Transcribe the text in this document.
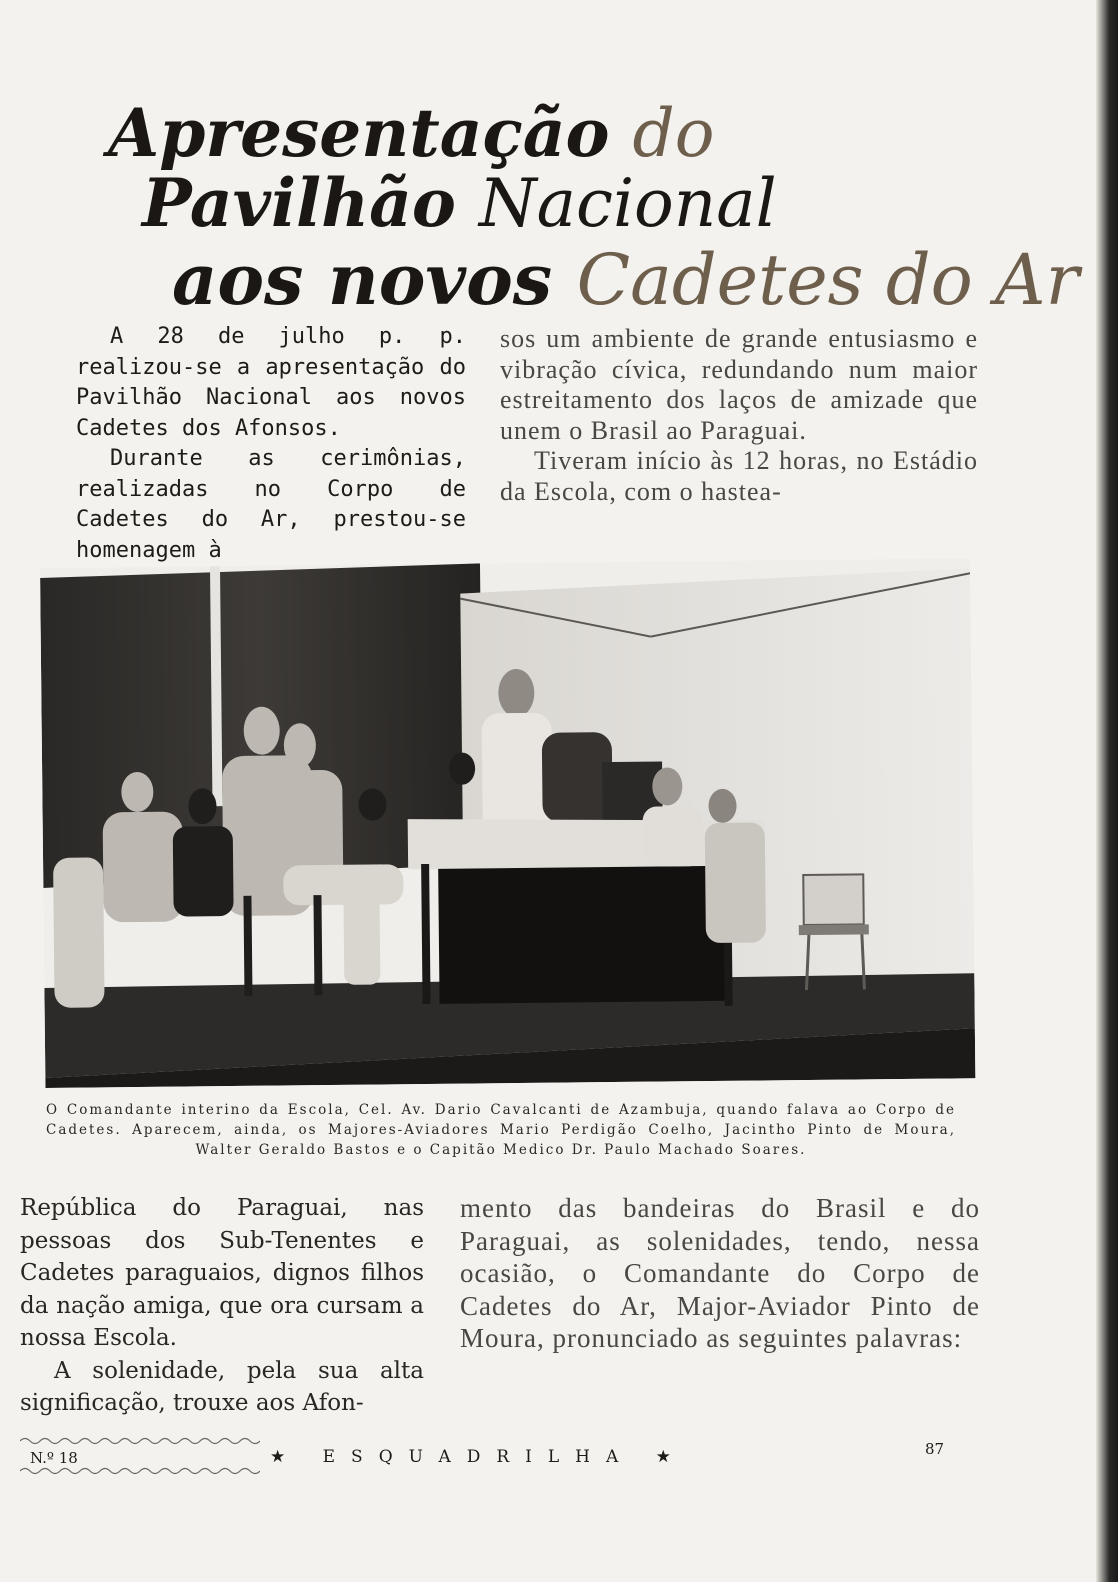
Apresentação do
Pavilhão Nacional
aos novos Cadetes do Ar

A 28 de julho p. p. realizou-se a apresentação do Pavilhão Nacional aos novos Cadetes dos Afonsos.

Durante as cerimônias, realizadas no Corpo de Cadetes do Ar, prestou-se homenagem à

sos um ambiente de grande entusiasmo e vibração cívica, redundando num maior estreitamento dos laços de amizade que unem o Brasil ao Paraguai.

Tiveram início às 12 horas, no Estádio da Escola, com o hastea-

O Comandante interino da Escola, Cel. Av. Dario Cavalcanti de Azambuja, quando falava ao Corpo de Cadetes. Aparecem, ainda, os Majores-Aviadores Mario Perdigão Coelho, Jacintho Pinto de Moura, Walter Geraldo Bastos e o Capitão Medico Dr. Paulo Machado Soares.

República do Paraguai, nas pessoas dos Sub-Tenentes e Cadetes paraguaios, dignos filhos da nação amiga, que ora cursam a nossa Escola.

A solenidade, pela sua alta significação, trouxe aos Afon-

mento das bandeiras do Brasil e do Paraguai, as solenidades, tendo, nessa ocasião, o Comandante do Corpo de Cadetes do Ar, Major-Aviador Pinto de Moura, pronunciado as seguintes palavras:

N.º 18	★ ESQUADRILHA ★	87
